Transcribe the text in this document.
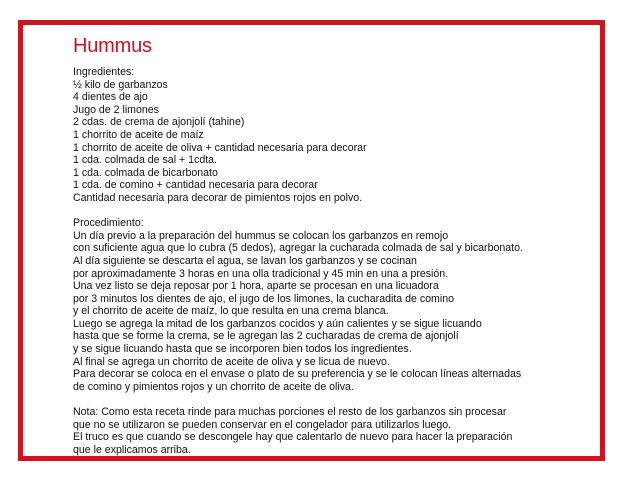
Hummus
Ingredientes:
½ kilo de garbanzos
4 dientes de ajo
Jugo de 2 limones
2 cdas. de crema de ajonjolí (tahine)
1 chorrito de aceite de maíz
1 chorrito de aceite de oliva + cantidad necesaria para decorar
1 cda. colmada de sal + 1cdta.
1 cda. colmada de bicarbonato
1 cda. de comino + cantidad necesaria para decorar
Cantidad necesaria para decorar de pimientos rojos en polvo.
Procedimiento:
Un día previo a la preparación del hummus se colocan los garbanzos en remojo
con suficiente agua que lo cubra (5 dedos), agregar la cucharada colmada de sal y bicarbonato.
Al día siguiente se descarta el agua, se lavan los garbanzos y se cocinan
por aproximadamente 3 horas en una olla tradicional y 45 min en una a presión.
Una vez listo se deja reposar por 1 hora, aparte se procesan en una licuadora
por 3 minutos los dientes de ajo, el jugo de los limones, la cucharadita de comino
y el chorrito de aceite de maíz, lo que resulta en una crema blanca.
Luego se agrega la mitad de los garbanzos cocidos y aún calientes y se sigue licuando
hasta que se forme la crema, se le agregan las 2 cucharadas de crema de ajonjolí
y se sigue licuando hasta que se incorporen bien todos los ingredientes.
Al final se agrega un chorrito de aceite de oliva y se licua de nuevo.
Para decorar se coloca en el envase o plato de su preferencia y se le colocan líneas alternadas
de comino y pimientos rojos y un chorrito de aceite de oliva.
Nota: Como esta receta rinde para muchas porciones el resto de los garbanzos sin procesar
que no se utilizaron se pueden conservar en el congelador para utilizarlos luego.
El truco es que cuando se descongele hay que calentarlo de nuevo para hacer la preparación
que le explicamos arriba.
